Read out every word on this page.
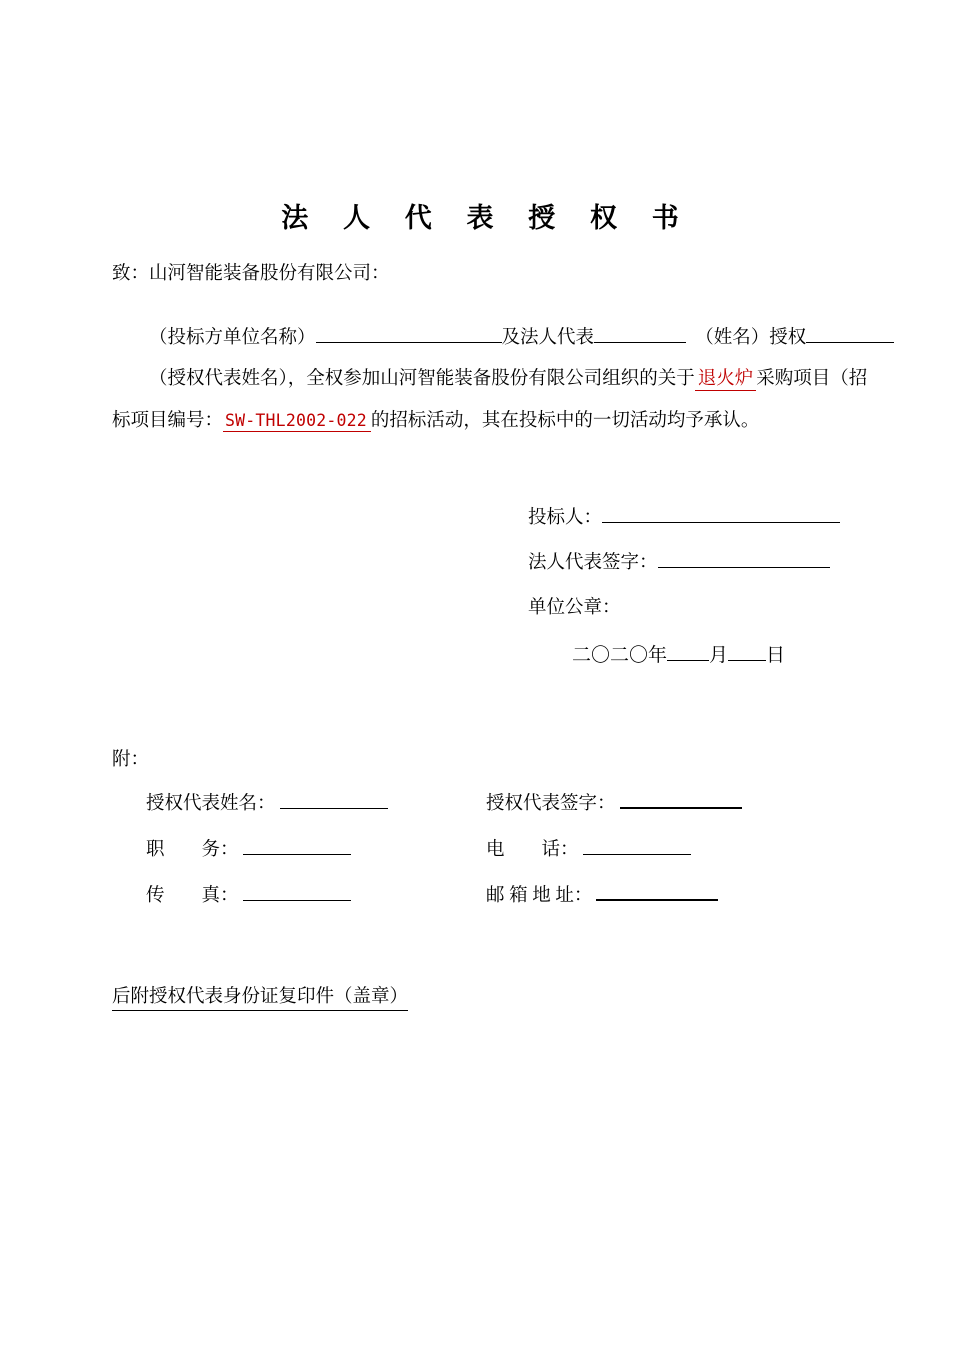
法 人 代 表 授 权 书

致：山河智能装备股份有限公司：

（投标方单位名称）	及法人代表	（姓名）授权

（授权代表姓名），全权参加山河智能装备股份有限公司组织的关于 退火炉 采购项目（招

标项目编号： SW-THL2002-022 的招标活动，其在投标中的一切活动均予承认。

投标人：
法人代表签字：
单位公章：
二〇二〇年 月 日
附：
授权代表姓名：	授权代表签字：
职　　务：	电　　话：
传　　真：	邮 箱 地 址：
后附授权代表身份证复印件（盖章）
